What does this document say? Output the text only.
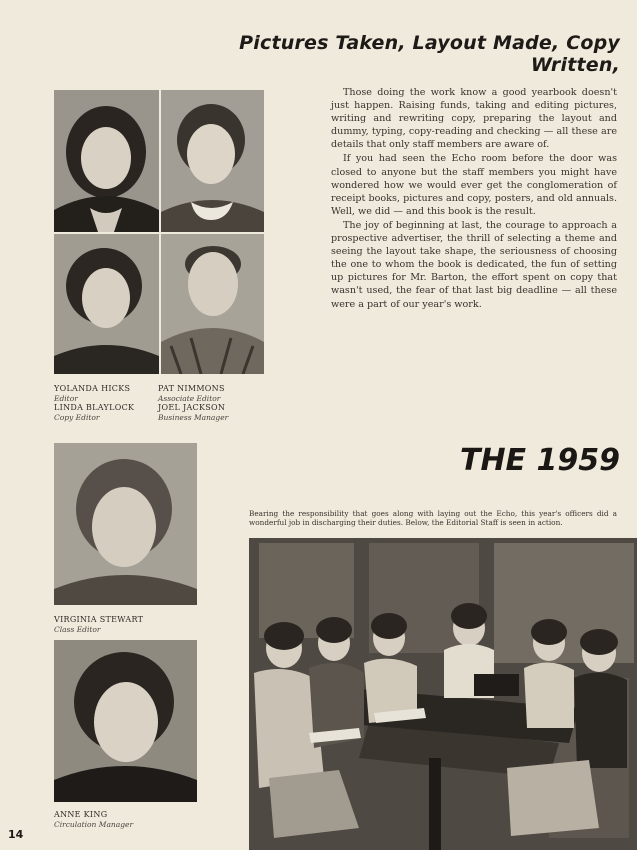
Pictures Taken, Layout Made, Copy Written,
YOLANDA HICKS
Editor
LINDA BLAYLOCK
Copy Editor
PAT NIMMONS
Associate Editor
JOEL JACKSON
Business Manager

Those doing the work know a good yearbook doesn't just happen. Raising funds, taking and editing pictures, writing and rewriting copy, preparing the layout and dummy, typing, copy-reading and checking — all these are details that only staff members are aware of.

If you had seen the Echo room before the door was closed to anyone but the staff members you might have wondered how we would ever get the conglomeration of receipt books, pictures and copy, posters, and old annuals. Well, we did — and this book is the result.

The joy of beginning at last, the courage to approach a prospective advertiser, the thrill of selecting a theme and seeing the layout take shape, the seriousness of choosing the one to whom the book is dedicated, the fun of setting up pictures for Mr. Barton, the effort spent on copy that wasn't used, the fear of that last big deadline — all these were a part of our year's work.

VIRGINIA STEWART
Class Editor
ANNE KING
Circulation Manager
THE 1959
Bearing the responsibility that goes along with laying out the Echo, this year's officers did a wonderful job in discharging their duties. Below, the Editorial Staff is seen in action.
14
